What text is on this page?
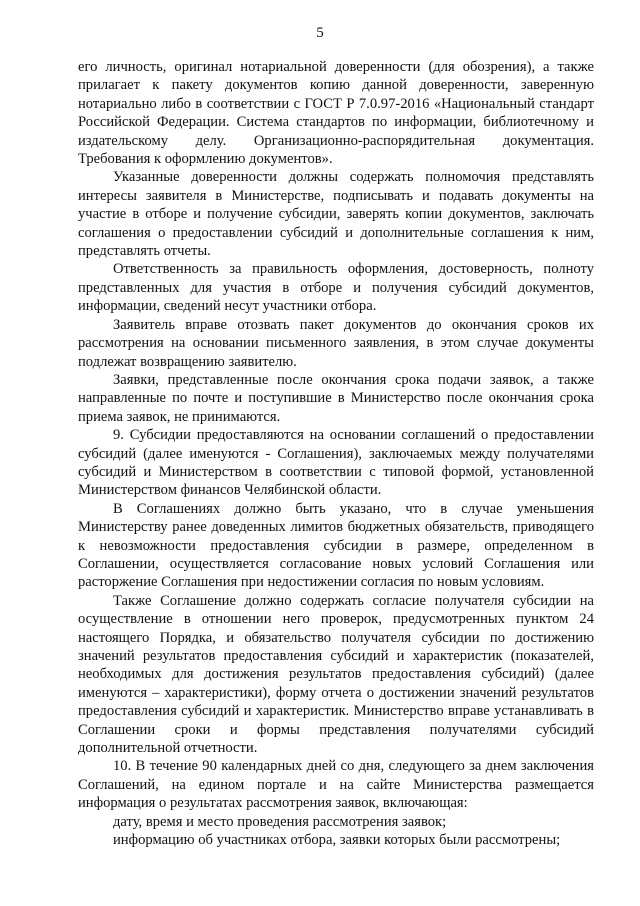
5

его личность, оригинал нотариальной доверенности (для обозрения), а также прилагает к пакету документов копию данной доверенности, заверенную нотариально либо в соответствии с ГОСТ Р 7.0.97-2016 «Национальный стандарт Российской Федерации. Система стандартов по информации, библиотечному и издательскому делу. Организационно-распорядительная документация. Требования к оформлению документов».

Указанные доверенности должны содержать полномочия представлять интересы заявителя в Министерстве, подписывать и подавать документы на участие в отборе и получение субсидии, заверять копии документов, заключать соглашения о предоставлении субсидий и дополнительные соглашения к ним, представлять отчеты.

Ответственность за правильность оформления, достоверность, полноту представленных для участия в отборе и получения субсидий документов, информации, сведений несут участники отбора.

Заявитель вправе отозвать пакет документов до окончания сроков их рассмотрения на основании письменного заявления, в этом случае документы подлежат возвращению заявителю.

Заявки, представленные после окончания срока подачи заявок, а также направленные по почте и поступившие в Министерство после окончания срока приема заявок, не принимаются.

9. Субсидии предоставляются на основании соглашений о предоставлении субсидий (далее именуются - Соглашения), заключаемых между получателями субсидий и Министерством в соответствии с типовой формой, установленной Министерством финансов Челябинской области.

В Соглашениях должно быть указано, что в случае уменьшения Министерству ранее доведенных лимитов бюджетных обязательств, приводящего к невозможности предоставления субсидии в размере, определенном в Соглашении, осуществляется согласование новых условий Соглашения или расторжение Соглашения при недостижении согласия по новым условиям.

Также Соглашение должно содержать согласие получателя субсидии на осуществление в отношении него проверок, предусмотренных пунктом 24 настоящего Порядка, и обязательство получателя субсидии по достижению значений результатов предоставления субсидий и характеристик (показателей, необходимых для достижения результатов предоставления субсидий) (далее именуются – характеристики), форму отчета о достижении значений результатов предоставления субсидий и характеристик. Министерство вправе устанавливать в Соглашении сроки и формы представления получателями субсидий дополнительной отчетности.

10. В течение 90 календарных дней со дня, следующего за днем заключения Соглашений, на едином портале и на сайте Министерства размещается информация о результатах рассмотрения заявок, включающая:

дату, время и место проведения рассмотрения заявок;

информацию об участниках отбора, заявки которых были рассмотрены;
